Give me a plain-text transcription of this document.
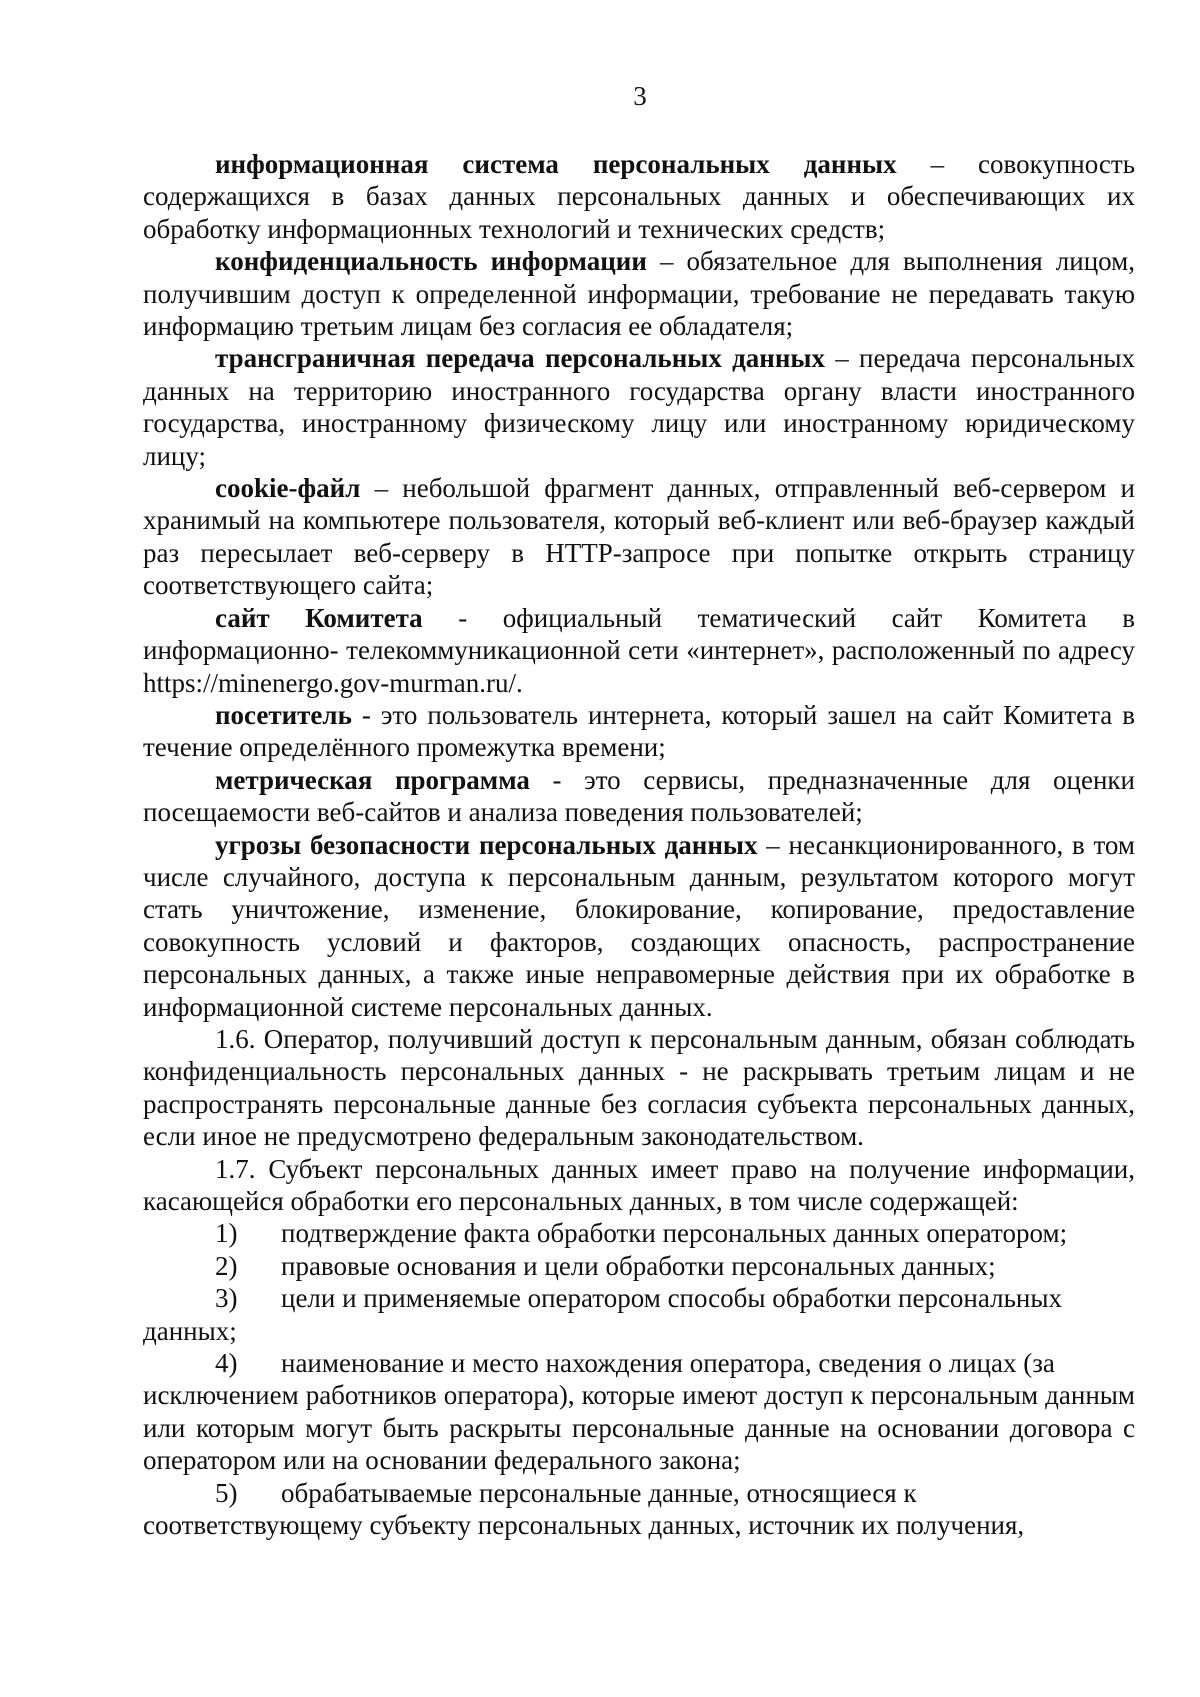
3

информационная система персональных данных – совокупность содержащихся в базах данных персональных данных и обеспечивающих их обработку информационных технологий и технических средств;

конфиденциальность информации – обязательное для выполнения лицом, получившим доступ к определенной информации, требование не передавать такую информацию третьим лицам без согласия ее обладателя;

трансграничная передача персональных данных – передача персональных данных на территорию иностранного государства органу власти иностранного государства, иностранному физическому лицу или иностранному юридическому лицу;

cookie-файл – небольшой фрагмент данных, отправленный веб-сервером и хранимый на компьютере пользователя, который веб-клиент или веб-браузер каждый раз пересылает веб-серверу в HTTP-запросе при попытке открыть страницу соответствующего сайта;

сайт Комитета - официальный тематический сайт Комитета в информационно- телекоммуникационной сети «интернет», расположенный по адресу https://minenergo.gov-murman.ru/.

посетитель - это пользователь интернета, который зашел на сайт Комитета в течение определённого промежутка времени;

метрическая программа - это сервисы, предназначенные для оценки посещаемости веб-сайтов и анализа поведения пользователей;

угрозы безопасности персональных данных – несанкционированного, в том числе случайного, доступа к персональным данным, результатом которого могут стать уничтожение, изменение, блокирование, копирование, предоставление совокупность условий и факторов, создающих опасность, распространение персональных данных, а также иные неправомерные действия при их обработке в информационной системе персональных данных.

1.6. Оператор, получивший доступ к персональным данным, обязан соблюдать конфиденциальность персональных данных - не раскрывать третьим лицам и не распространять персональные данные без согласия субъекта персональных данных, если иное не предусмотрено федеральным законодательством.

1.7. Субъект персональных данных имеет право на получение информации, касающейся обработки его персональных данных, в том числе содержащей:

1)	подтверждение факта обработки персональных данных оператором;
2)	правовые основания и цели обработки персональных данных;
3)	цели и применяемые оператором способы обработки персональных

данных;

4)	наименование и место нахождения оператора, сведения о лицах (за

исключением работников оператора), которые имеют доступ к персональным данным или которым могут быть раскрыты персональные данные на основании договора с оператором или на основании федерального закона;

5)	обрабатываемые персональные данные, относящиеся к

соответствующему субъекту персональных данных, источник их получения,
